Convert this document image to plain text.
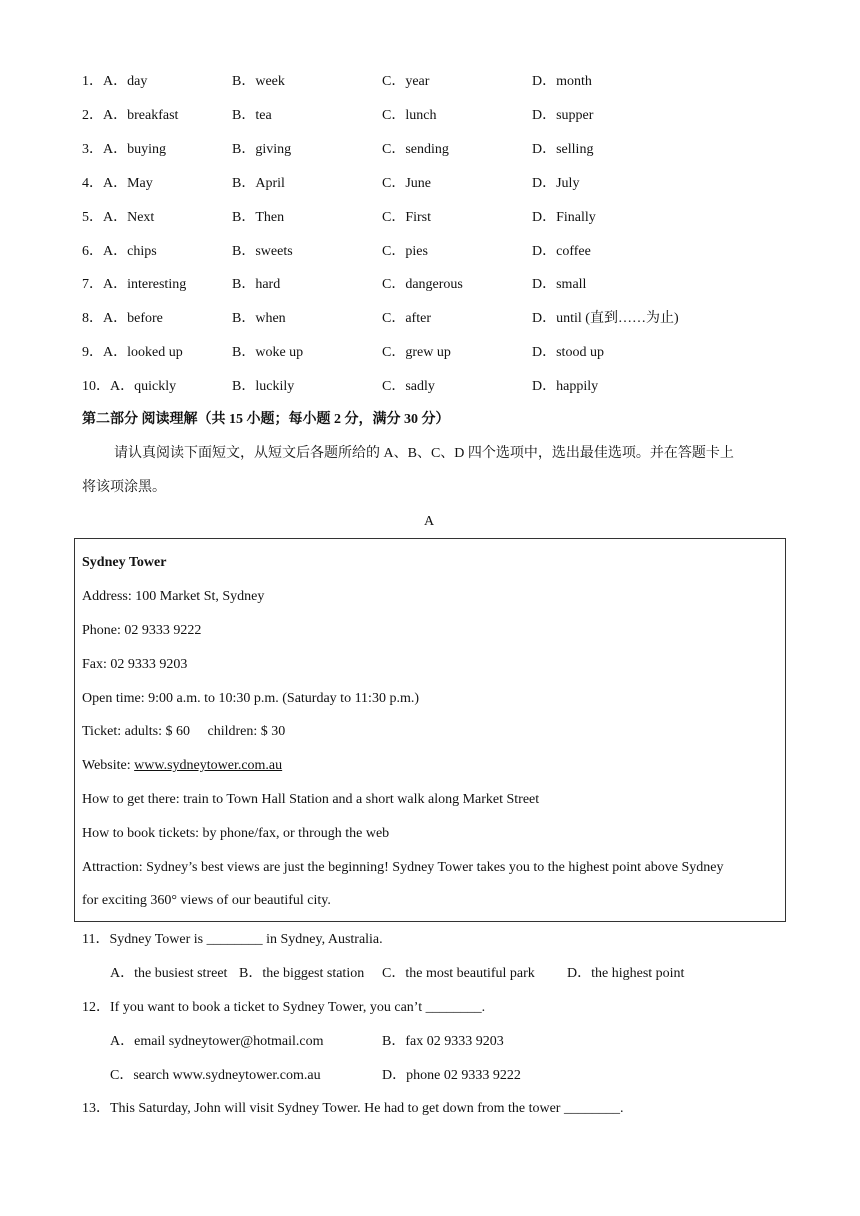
1．A．day	B．week	C．year	D．month
2．A．breakfast	B．tea	C．lunch	D．supper
3．A．buying	B．giving	C．sending	D．selling
4．A．May	B．April	C．June	D．July
5．A．Next	B．Then	C．First	D．Finally
6．A．chips	B．sweets	C．pies	D．coffee
7．A．interesting	B．hard	C．dangerous	D．small
8．A．before	B．when	C．after	D．until (直到……为止)
9．A．looked up	B．woke up	C．grew up	D．stood up
10．A．quickly	B．luckily	C．sadly	D．happily
第二部分 阅读理解（共 15 小题；每小题 2 分，满分 30 分）
请认真阅读下面短文，从短文后各题所给的 A、B、C、D 四个选项中，选出最佳选项。并在答题卡上
将该项涂黑。
A
Sydney Tower
Address: 100 Market St, Sydney
Phone: 02 9333 9222
Fax: 02 9333 9203
Open time: 9:00 a.m. to 10:30 p.m. (Saturday to 11:30 p.m.)
Ticket: adults: $ 60     children: $ 30
Website: www.sydneytower.com.au
How to get there: train to Town Hall Station and a short walk along Market Street
How to book tickets: by phone/fax, or through the web
Attraction: Sydney’s best views are just the beginning! Sydney Tower takes you to the highest point above Sydney
for exciting 360° views of our beautiful city.
11．Sydney Tower is ________ in Sydney, Australia.
A．the busiest street B．the biggest station C．the most beautiful park D．the highest point
12．If you want to book a ticket to Sydney Tower, you can’t ________.
A．email sydneytower@hotmail.com	B．fax 02 9333 9203
C．search www.sydneytower.com.au	D．phone 02 9333 9222
13．This Saturday, John will visit Sydney Tower. He had to get down from the tower ________.
